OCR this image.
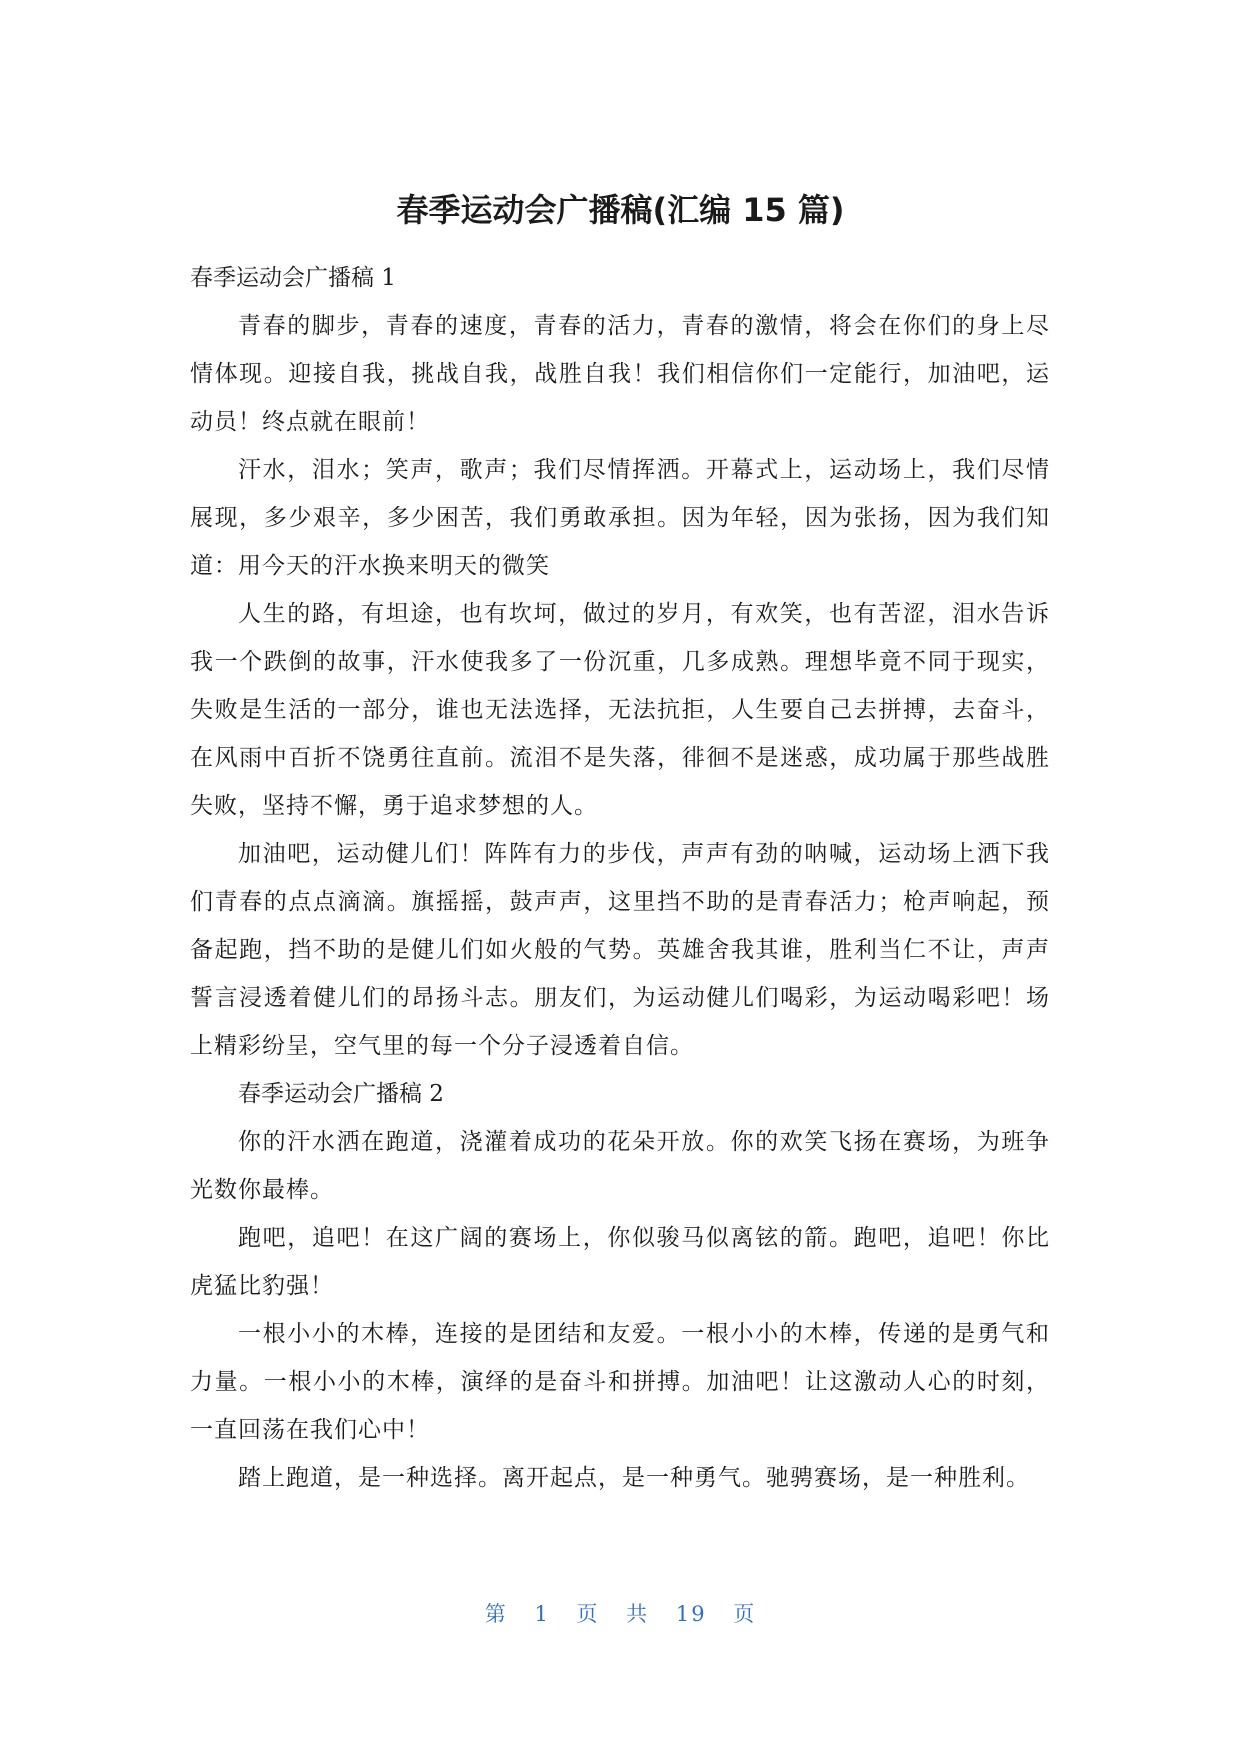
春季运动会广播稿(汇编 15 篇)

春季运动会广播稿 1

青春的脚步，青春的速度，青春的活力，青春的激情，将会在你们的身上尽情体现。迎接自我，挑战自我，战胜自我！我们相信你们一定能行，加油吧，运动员！终点就在眼前！

汗水，泪水；笑声，歌声；我们尽情挥洒。开幕式上，运动场上，我们尽情展现，多少艰辛，多少困苦，我们勇敢承担。因为年轻，因为张扬，因为我们知道：用今天的汗水换来明天的微笑

人生的路，有坦途，也有坎坷，做过的岁月，有欢笑，也有苦涩，泪水告诉我一个跌倒的故事，汗水使我多了一份沉重，几多成熟。理想毕竟不同于现实，失败是生活的一部分，谁也无法选择，无法抗拒，人生要自己去拼搏，去奋斗，在风雨中百折不饶勇往直前。流泪不是失落，徘徊不是迷惑，成功属于那些战胜失败，坚持不懈，勇于追求梦想的人。

加油吧，运动健儿们！阵阵有力的步伐，声声有劲的呐喊，运动场上洒下我们青春的点点滴滴。旗摇摇，鼓声声，这里挡不助的是青春活力；枪声响起，预备起跑，挡不助的是健儿们如火般的气势。英雄舍我其谁，胜利当仁不让，声声誓言浸透着健儿们的昂扬斗志。朋友们，为运动健儿们喝彩，为运动喝彩吧！场上精彩纷呈，空气里的每一个分子浸透着自信。

春季运动会广播稿 2

你的汗水洒在跑道，浇灌着成功的花朵开放。你的欢笑飞扬在赛场，为班争光数你最棒。

跑吧，追吧！在这广阔的赛场上，你似骏马似离铉的箭。跑吧，追吧！你比虎猛比豹强！

一根小小的木棒，连接的是团结和友爱。一根小小的木棒，传递的是勇气和力量。一根小小的木棒，演绎的是奋斗和拼搏。加油吧！让这激动人心的时刻，一直回荡在我们心中！

踏上跑道，是一种选择。离开起点，是一种勇气。驰骋赛场，是一种胜利。

第 1 页 共 19 页
